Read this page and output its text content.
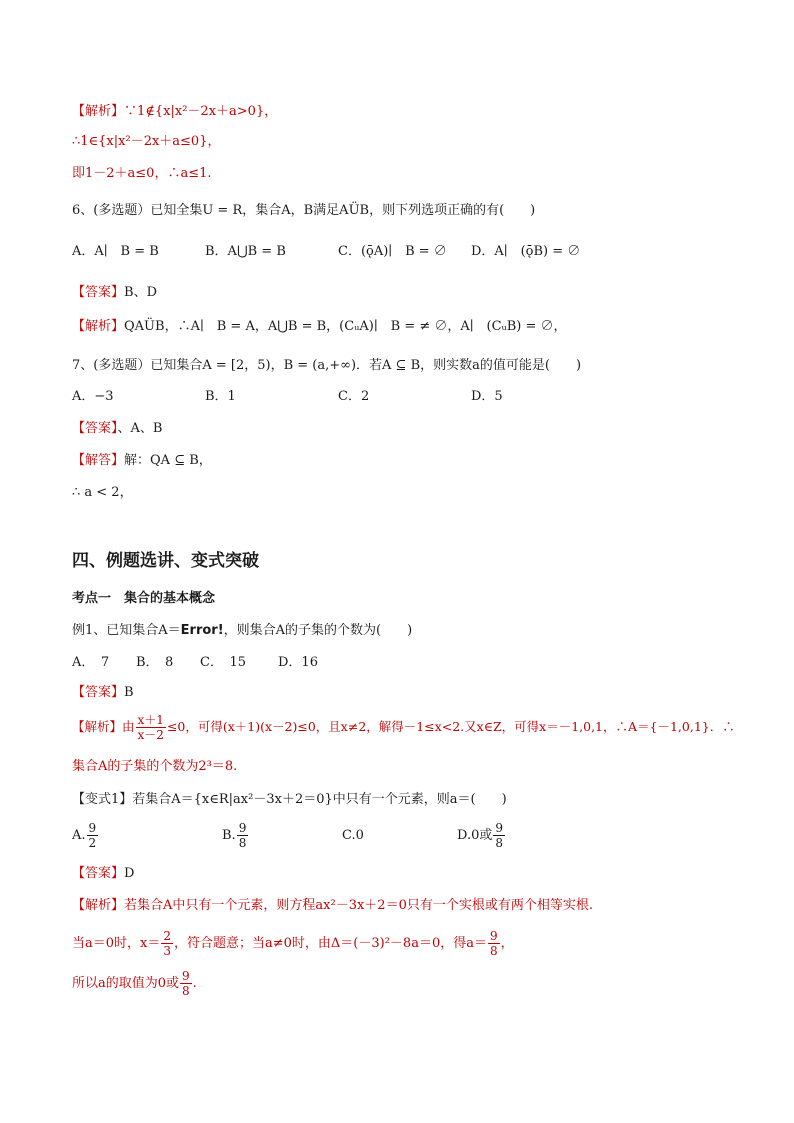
【解析】∵1∉{x|x²－2x＋a>0}，
∴1∈{x|x²－2x＋a≤0}，
即1－2＋a≤0，∴a≤1.
6、(多选题）已知全集U = R，集合A，B满足AÜB，则下列选项正确的有(　　)
A．A∣　B = B	B．A⋃B = B	C．(ǭA)∣　B = ∅ D．A∣　(ǭB) = ∅
【答案】B、D
【解析】QAÜB，∴A∣　B = A，A⋃B = B，(CᵤA)∣　B = ≠ ∅，A∣　(CᵤB) = ∅，
7、(多选题）已知集合A = [2，5)，B = (a,+∞)．若A ⊆ B，则实数a的值可能是(　　)
A．−3	B．1	C．2	D．5
【答案】、A、B
【解答】解：QA ⊆ B，
∴ a < 2，
四、例题选讲、变式突破
考点一　集合的基本概念
例1、已知集合A＝Error!，则集合A的子集的个数为(　　)
A．　7 B．　8 C．　15 D．16
【答案】B
【解析】由 $\frac{x+1}{x-2} \le 0$，可得(x＋1)(x－2)≤0，且x≠2，解得－1≤x<2.又x∈Z，可得x＝－1,0,1，∴A＝{－1,0,1}．∴
集合A的子集的个数为2³＝8.
【变式1】若集合A＝{x∈R|ax²－3x＋2＝0}中只有一个元素，则a＝(　　)
A. $\frac{9}{2}$	B. $\frac{9}{8}$	C.0	D.0或 $\frac{9}{8}$
【答案】D
【解析】若集合A中只有一个元素，则方程ax²－3x＋2＝0只有一个实根或有两个相等实根.
当a＝0时，$x= \frac{2}{3}$ ，符合题意；当a≠0时，由Δ＝(－3)²－8a＝0，得$a= \frac{9}{8}$ ，
所以a的取值为0或 $\frac{9}{8}$ .
